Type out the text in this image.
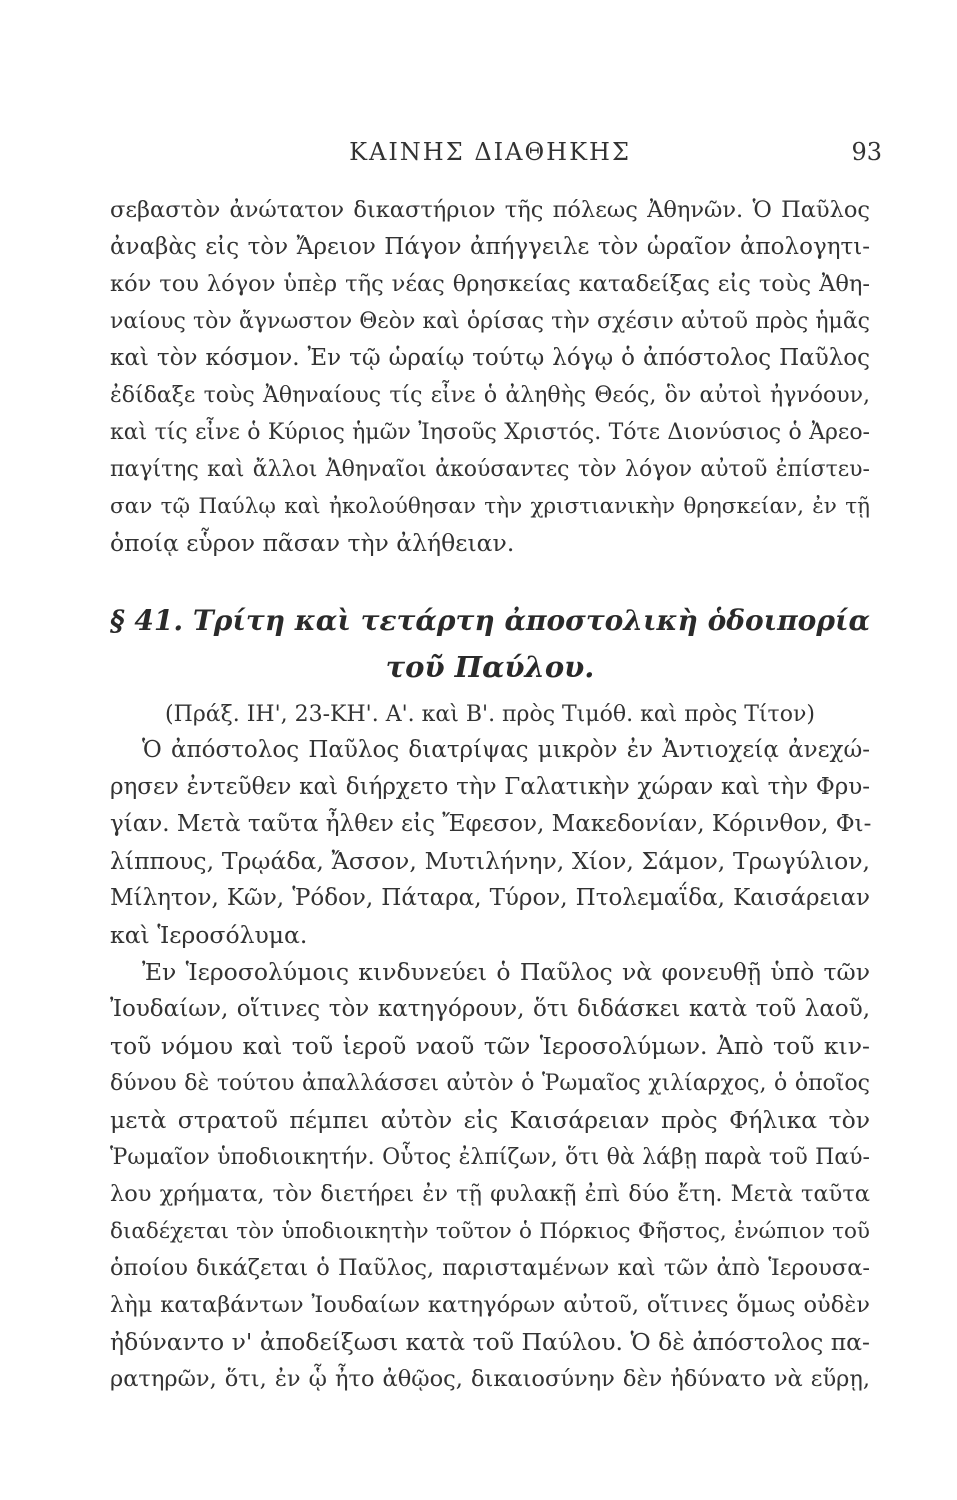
ΚΑΙΝΗΣ ΔΙΑΘΗΚΗΣ	93
σεβαστὸν ἀνώτατον δικαστήριον τῆς πόλεως Ἀθηνῶν. Ὁ Παῦλος
ἀναβὰς εἰς τὸν Ἄρειον Πάγον ἀπήγγειλε τὸν ὡραῖον ἀπολογητι-
κόν του λόγον ὑπὲρ τῆς νέας θρησκείας καταδείξας εἰς τοὺς Ἀθη-
ναίους τὸν ἄγνωστον Θεὸν καὶ ὁρίσας τὴν σχέσιν αὐτοῦ πρὸς ἡμᾶς
καὶ τὸν κόσμον. Ἐν τῷ ὡραίῳ τούτῳ λόγῳ ὁ ἀπόστολος Παῦλος
ἐδίδαξε τοὺς Ἀθηναίους τίς εἶνε ὁ ἀληθὴς Θεός, ὃν αὐτοὶ ἠγνόουν,
καὶ τίς εἶνε ὁ Κύριος ἡμῶν Ἰησοῦς Χριστός. Τότε Διονύσιος ὁ Ἀρεο-
παγίτης καὶ ἄλλοι Ἀθηναῖοι ἀκούσαντες τὸν λόγον αὐτοῦ ἐπίστευ-
σαν τῷ Παύλῳ καὶ ἠκολούθησαν τὴν χριστιανικὴν θρησκείαν, ἐν τῇ
ὁποίᾳ εὗρον πᾶσαν τὴν ἀλήθειαν.
§ 41. Τρίτη καὶ τετάρτη ἀποστολικὴ ὁδοιπορία
τοῦ Παύλου.
(Πράξ. ΙΗ', 23-ΚΗ'. Α'. καὶ Β'. πρὸς Τιμόθ. καὶ πρὸς Τίτον)
Ὁ ἀπόστολος Παῦλος διατρίψας μικρὸν ἐν Ἀντιοχείᾳ ἀνεχώ-
ρησεν ἐντεῦθεν καὶ διήρχετο τὴν Γαλατικὴν χώραν καὶ τὴν Φρυ-
γίαν. Μετὰ ταῦτα ἦλθεν εἰς Ἔφεσον, Μακεδονίαν, Κόρινθον, Φι-
λίππους, Τρῳάδα, Ἄσσον, Μυτιλήνην, Χίον, Σάμον, Τρωγύλιον,
Μίλητον, Κῶν, Ῥόδον, Πάταρα, Τύρον, Πτολεμαΐδα, Καισάρειαν
καὶ Ἱεροσόλυμα.
Ἐν Ἱεροσολύμοις κινδυνεύει ὁ Παῦλος νὰ φονευθῇ ὑπὸ τῶν
Ἰουδαίων, οἵτινες τὸν κατηγόρουν, ὅτι διδάσκει κατὰ τοῦ λαοῦ,
τοῦ νόμου καὶ τοῦ ἱεροῦ ναοῦ τῶν Ἱεροσολύμων. Ἀπὸ τοῦ κιν-
δύνου δὲ τούτου ἀπαλλάσσει αὐτὸν ὁ Ῥωμαῖος χιλίαρχος, ὁ ὁποῖος
μετὰ στρατοῦ πέμπει αὐτὸν εἰς Καισάρειαν πρὸς Φήλικα τὸν
Ῥωμαῖον ὑποδιοικητήν. Οὗτος ἐλπίζων, ὅτι θὰ λάβῃ παρὰ τοῦ Παύ-
λου χρήματα, τὸν διετήρει ἐν τῇ φυλακῇ ἐπὶ δύο ἔτη. Μετὰ ταῦτα
διαδέχεται τὸν ὑποδιοικητὴν τοῦτον ὁ Πόρκιος Φῆστος, ἐνώπιον τοῦ
ὁποίου δικάζεται ὁ Παῦλος, παρισταμένων καὶ τῶν ἀπὸ Ἱερουσα-
λὴμ καταβάντων Ἰουδαίων κατηγόρων αὐτοῦ, οἵτινες ὅμως οὐδὲν
ἠδύναντο ν' ἀποδείξωσι κατὰ τοῦ Παύλου. Ὁ δὲ ἀπόστολος πα-
ρατηρῶν, ὅτι, ἐν ᾧ ἦτο ἀθῷος, δικαιοσύνην δὲν ἠδύνατο νὰ εὕρῃ,
